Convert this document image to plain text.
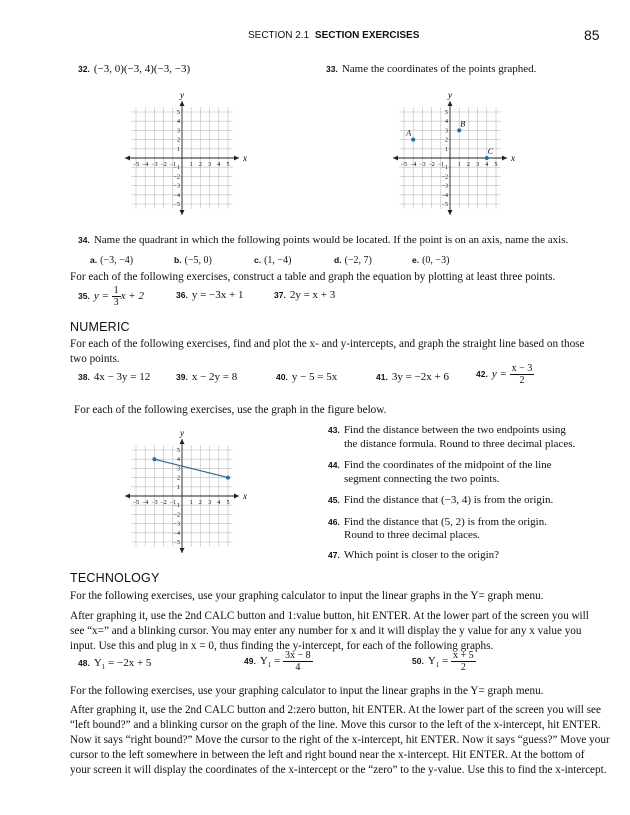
SECTION 2.1 SECTION EXERCISES	85
32. (−3, 0)(−3, 4)(−3, −3)	33. Name the coordinates of the points graphed.
x
y
−5 −4 −3 −2 −1 1 2 3 4 5
5
4
3
2
1
−1
−2
−3
−4
−5
x
y
−5 −4 −3 −2 −1 1 2 3 4 5
5
4
3
2
1
−1
−2
−3
−4
−5
A
B
C
34. Name the quadrant in which the following points would be located. If the point is on an axis, name the axis.
a. (−3, −4)	b. (−5, 0)	c. (1, −4)	d. (−2, 7)	e. (0, −3)
For each of the following exercises, construct a table and graph the equation by plotting at least three points.
35. $y = \frac{1}{3}$ x + 2	36. y = −3x + 1	37. 2y = x + 3
NUMERIC
For each of the following exercises, find and plot the x- and y-intercepts, and graph the straight line based on those two points.
38. 4x − 3y = 12	39. x − 2y = 8	40. y − 5 = 5x	41. 3y = −2x + 6	42. $y = \frac{x - 3}{2}$
For each of the following exercises, use the graph in the figure below.
x
y
−5 −4 −3 −2 −1 1 2 3 4 5
5
4
3
2
1
−1
−2
−3
−4
−5
43. Find the distance between the two endpoints using
the distance formula. Round to three decimal places.
44. Find the coordinates of the midpoint of the line
segment connecting the two points.
45. Find the distance that (−3, 4) is from the origin.
46. Find the distance that (5, 2) is from the origin.
Round to three decimal places.
47. Which point is closer to the origin?
TECHNOLOGY
For the following exercises, use your graphing calculator to input the linear graphs in the Y= graph menu.
After graphing it, use the 2nd CALC button and 1:value button, hit ENTER. At the lower part of the screen you will
see “x=” and a blinking cursor. You may enter any number for x and it will display the y value for any x value you
input. Use this and plug in x = 0, thus finding the y-intercept, for each of the following graphs.
48. $Y_1 = -2x + 5$	49. $Y_1 = \frac{3x - 8}{4}$	50. $Y_1 = \frac{x + 5}{2}$
For the following exercises, use your graphing calculator to input the linear graphs in the Y= graph menu.
After graphing it, use the 2nd CALC button and 2:zero button, hit ENTER. At the lower part of the screen you will see
“left bound?” and a blinking cursor on the graph of the line. Move this cursor to the left of the x-intercept, hit ENTER.
Now it says “right bound?” Move the cursor to the right of the x-intercept, hit ENTER. Now it says “guess?” Move your
cursor to the left somewhere in between the left and right bound near the x-intercept. Hit ENTER. At the bottom of
your screen it will display the coordinates of the x-intercept or the “zero” to the y-value. Use this to find the x-intercept.
